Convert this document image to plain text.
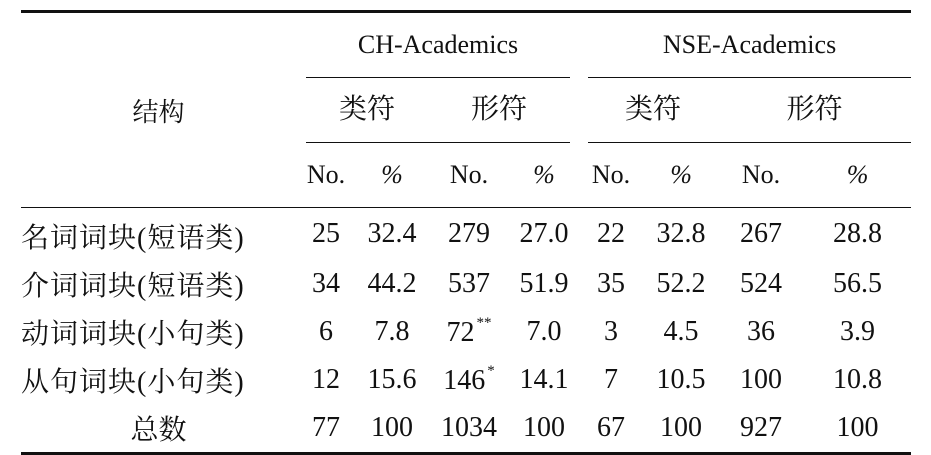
结构	CH-Academics				NSE-Academics			

	类符		形符		类符		形符	

	No.	%	No.	%	No.	%	No.	%
名词词块(短语类)	25	32.4	279	27.0	22	32.8	267	28.8
介词词块(短语类)	34	44.2	537	51.9	35	52.2	524	56.5
动词词块(小句类)	6	7.8	72 **	7.0	3	4.5	36	3.9
从句词块(小句类)	12	15.6	146 *	14.1	7	10.5	100	10.8
总数	77	100	1034	100	67	100	927	100
